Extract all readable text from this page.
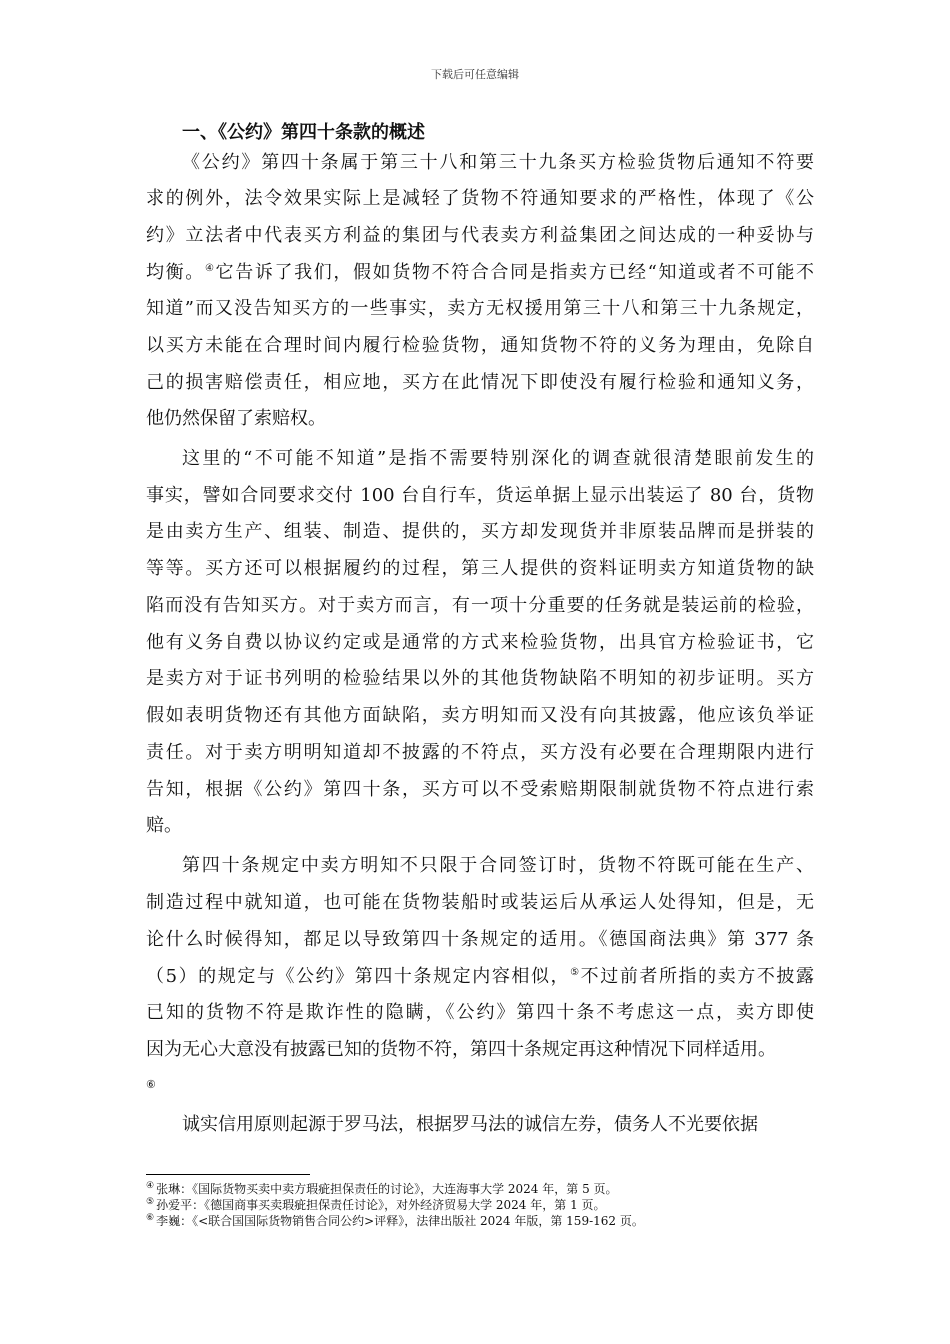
下载后可任意编辑
一、《公约》第四十条款的概述
《公约》第四十条属于第三十八和第三十九条买方检验货物后通知不符要
求的例外，法令效果实际上是减轻了货物不符通知要求的严格性，体现了《公
约》立法者中代表买方利益的集团与代表卖方利益集团之间达成的一种妥协与
均衡。④它告诉了我们，假如货物不符合合同是指卖方已经“知道或者不可能不
知道”而又没告知买方的一些事实，卖方无权援用第三十八和第三十九条规定，
以买方未能在合理时间内履行检验货物，通知货物不符的义务为理由，免除自
己的损害赔偿责任，相应地，买方在此情况下即使没有履行检验和通知义务，
他仍然保留了索赔权。
这里的“不可能不知道”是指不需要特别深化的调查就很清楚眼前发生的
事实，譬如合同要求交付 100 台自行车，货运单据上显示出装运了 80 台，货物
是由卖方生产、组装、制造、提供的，买方却发现货并非原装品牌而是拼装的
等等。买方还可以根据履约的过程，第三人提供的资料证明卖方知道货物的缺
陷而没有告知买方。对于卖方而言，有一项十分重要的任务就是装运前的检验，
他有义务自费以协议约定或是通常的方式来检验货物，出具官方检验证书，它
是卖方对于证书列明的检验结果以外的其他货物缺陷不明知的初步证明。买方
假如表明货物还有其他方面缺陷，卖方明知而又没有向其披露，他应该负举证
责任。对于卖方明明知道却不披露的不符点，买方没有必要在合理期限内进行
告知，根据《公约》第四十条，买方可以不受索赔期限制就货物不符点进行索
赔。
第四十条规定中卖方明知不只限于合同签订时，货物不符既可能在生产、
制造过程中就知道，也可能在货物装船时或装运后从承运人处得知，但是，无
论什么时候得知，都足以导致第四十条规定的适用。《德国商法典》第 377 条
（5）的规定与《公约》第四十条规定内容相似，⑤不过前者所指的卖方不披露
已知的货物不符是欺诈性的隐瞒，《公约》第四十条不考虑这一点，卖方即使
因为无心大意没有披露已知的货物不符，第四十条规定再这种情况下同样适用。
⑥
诚实信用原则起源于罗马法，根据罗马法的诚信左券，债务人不光要依据
④ 张琳：《国际货物买卖中卖方瑕疵担保责任的讨论》，大连海事大学 2024 年，第 5 页。
⑤ 孙爱平：《德国商事买卖瑕疵担保责任讨论》，对外经济贸易大学 2024 年，第 1 页。
⑥ 李巍：《<联合国国际货物销售合同公约>评释》，法律出版社 2024 年版，第 159-162 页。
